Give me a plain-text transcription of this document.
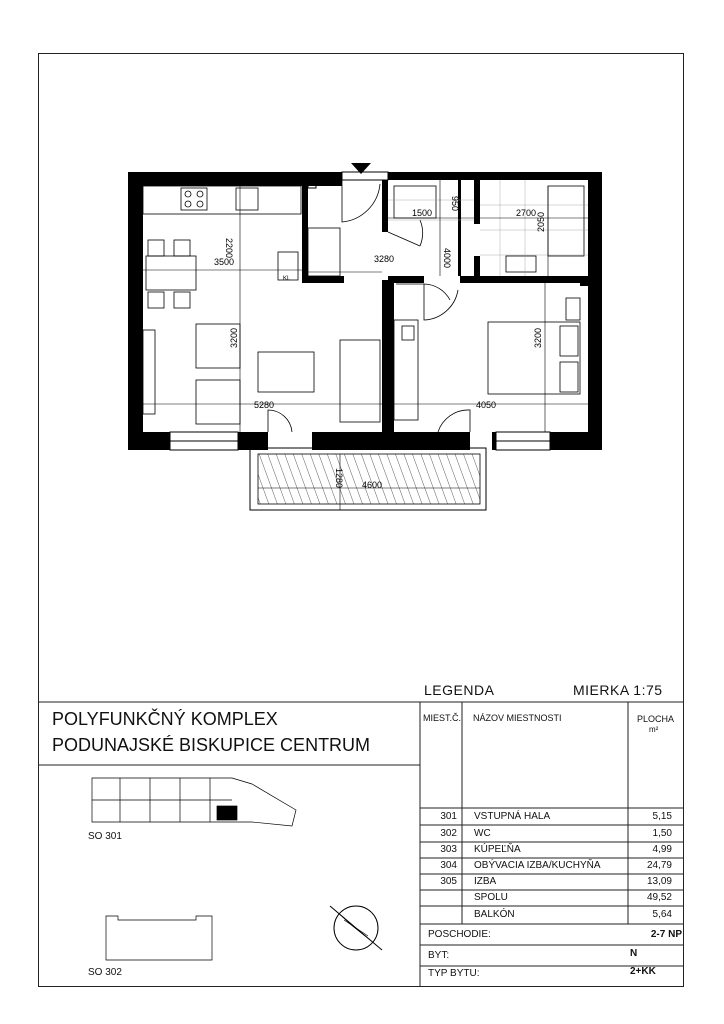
2200
3500	3280
1500
950
2700 2050
4000
3200	3200
5280	4050
1280 4600
KL
LEGENDA	MIERKA 1:75
POLYFUNKČNÝ KOMPLEX
PODUNAJSKÉ BISKUPICE CENTRUM
SO 301
SO 302
MIEST.Č. NÁZOV MIESTNOSTI	PLOCHA
m²
301 VSTUPNÁ HALA	5,15
302 WC	1,50
303 KÚPEĽŇA	4,99
304 OBÝVACIA IZBA/KUCHYŇA	24,79
305 IZBA	13,09
SPOLU	49,52
BALKÓN	5,64
POSCHODIE:	2-7 NP
BYT:	N
TYP BYTU:	2+KK
